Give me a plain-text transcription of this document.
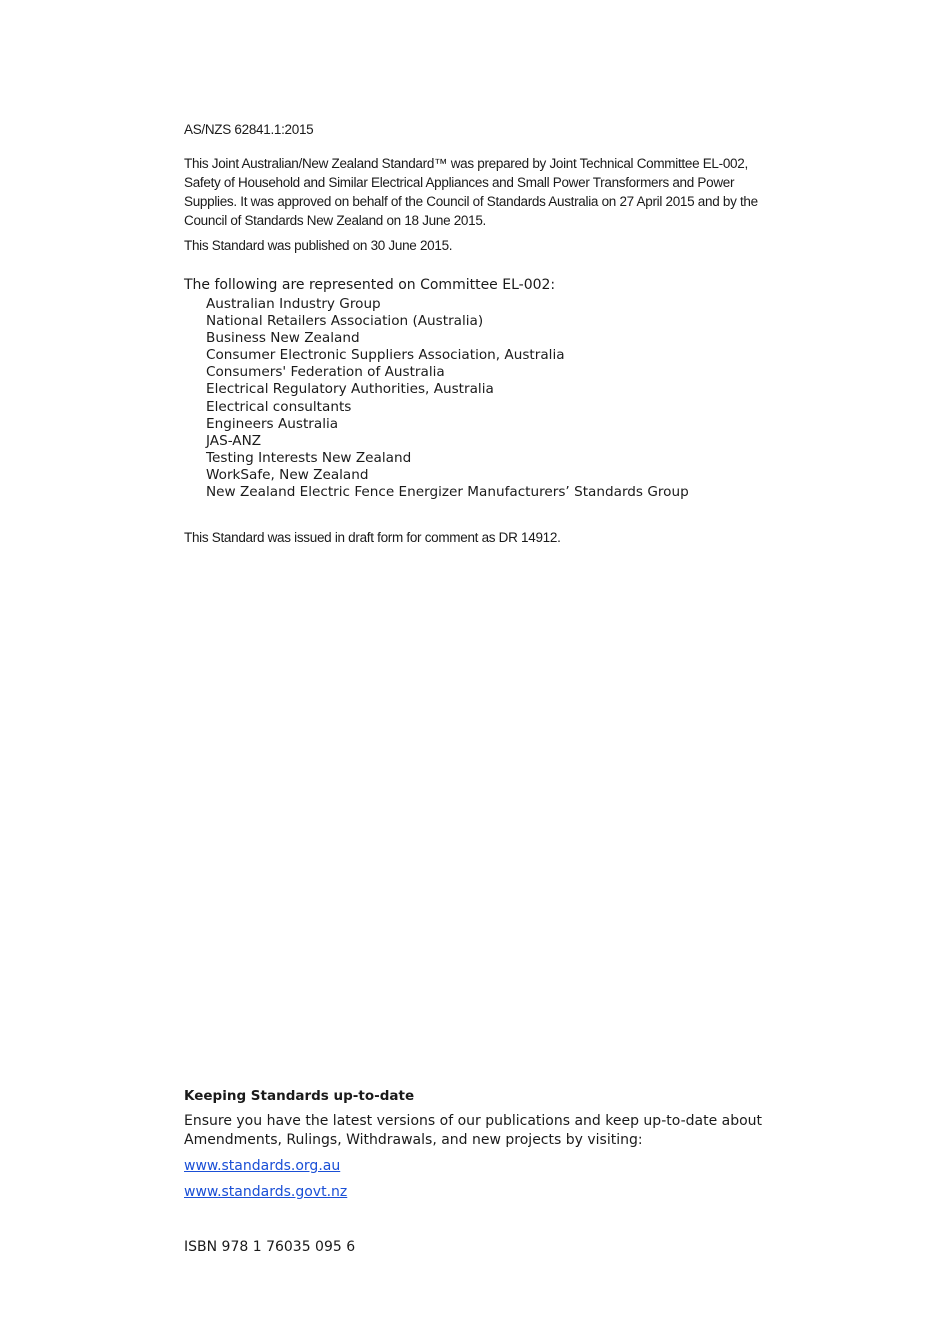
AS/NZS 62841.1:2015

This Joint Australian/New Zealand Standard™ was prepared by Joint Technical Committee EL-002, Safety of Household and Similar Electrical Appliances and Small Power Transformers and Power Supplies. It was approved on behalf of the Council of Standards Australia on 27 April 2015 and by the Council of Standards New Zealand on 18 June 2015.

This Standard was published on 30 June 2015.

The following are represented on Committee EL-002:

Australian Industry Group
National Retailers Association (Australia)
Business New Zealand
Consumer Electronic Suppliers Association, Australia
Consumers' Federation of Australia
Electrical Regulatory Authorities, Australia
Electrical consultants
Engineers Australia
JAS-ANZ
Testing Interests New Zealand
WorkSafe, New Zealand
New Zealand Electric Fence Energizer Manufacturers’ Standards Group

This Standard was issued in draft form for comment as DR 14912.

Keeping Standards up-to-date

Ensure you have the latest versions of our publications and keep up-to-date about Amendments, Rulings, Withdrawals, and new projects by visiting:

www.standards.org.au
www.standards.govt.nz

ISBN 978 1 76035 095 6
